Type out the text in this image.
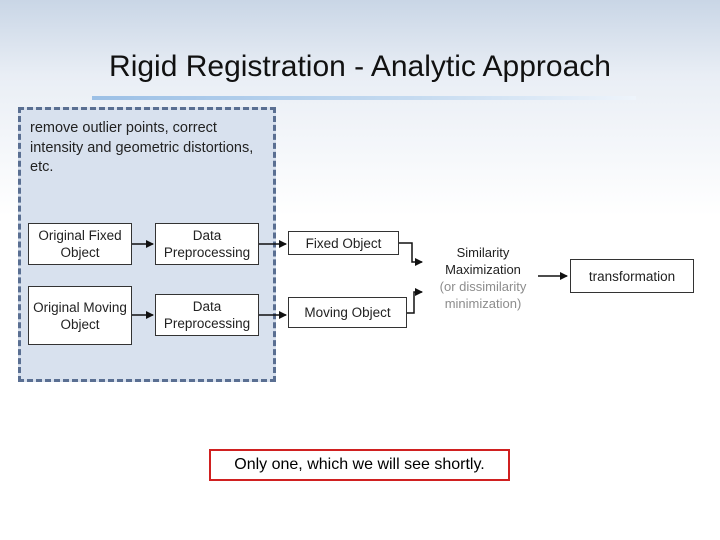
Rigid Registration - Analytic Approach
remove outlier points, correct intensity and geometric distortions, etc.
Original Fixed Object
Original Moving Object
Data Preprocessing
Data Preprocessing
Fixed Object
Moving Object
Similarity Maximization
(or dissimilarity minimization)
transformation
Only one, which we will see shortly.
